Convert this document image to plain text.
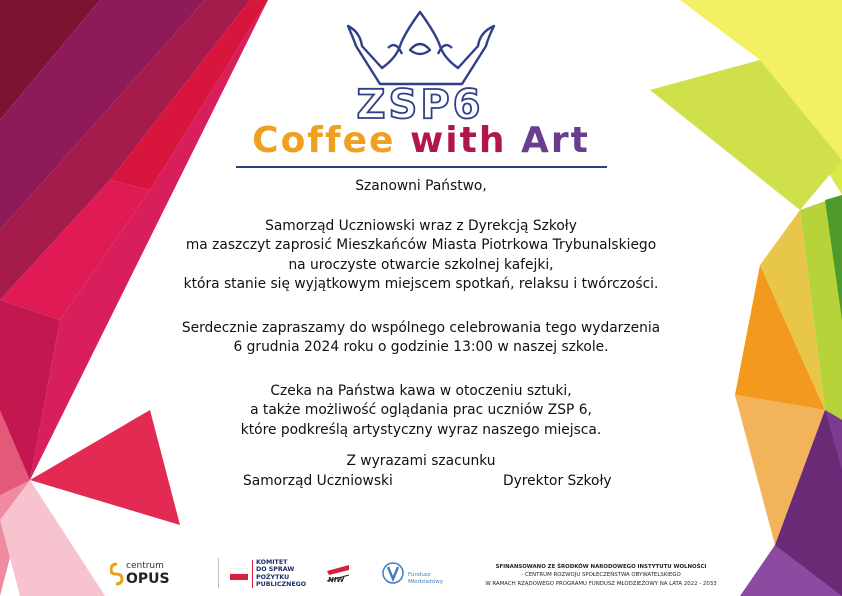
ZSP6
Coffee with Art

Szanowni Państwo,

Samorząd Uczniowski wraz z Dyrekcją Szkoły

ma zaszczyt zaprosić Mieszkańców Miasta Piotrkowa Trybunalskiego

na uroczyste otwarcie szkolnej kafejki,

która stanie się wyjątkowym miejscem spotkań, relaksu i twórczości.

Serdecznie zapraszamy do wspólnego celebrowania tego wydarzenia

6 grudnia 2024 roku o godzinie 13:00 w naszej szkole.

Czeka na Państwa kawa w otoczeniu sztuki,

a także możliwość oglądania prac uczniów ZSP 6,

które podkreślą artystyczny wyraz naszego miejsca.

Z wyrazami szacunku

Samorząd Uczniowski	Dyrektor Szkoły
centrum
OPUS
KOMITET
DO SPRAW
POŻYTKU
PUBLICZNEGO
NIW
Fundusz
Młodzieżowy
SFINANSOWANO ZE ŚRODKÓW NARODOWEGO INSTYTUTU WOLNOŚCI
- CENTRUM ROZWOJU SPOŁECZEŃSTWA OBYWATELSKIEGO
W RAMACH RZĄDOWEGO PROGRAMU FUNDUSZ MŁODZIEŻOWY NA LATA 2022 - 2033
